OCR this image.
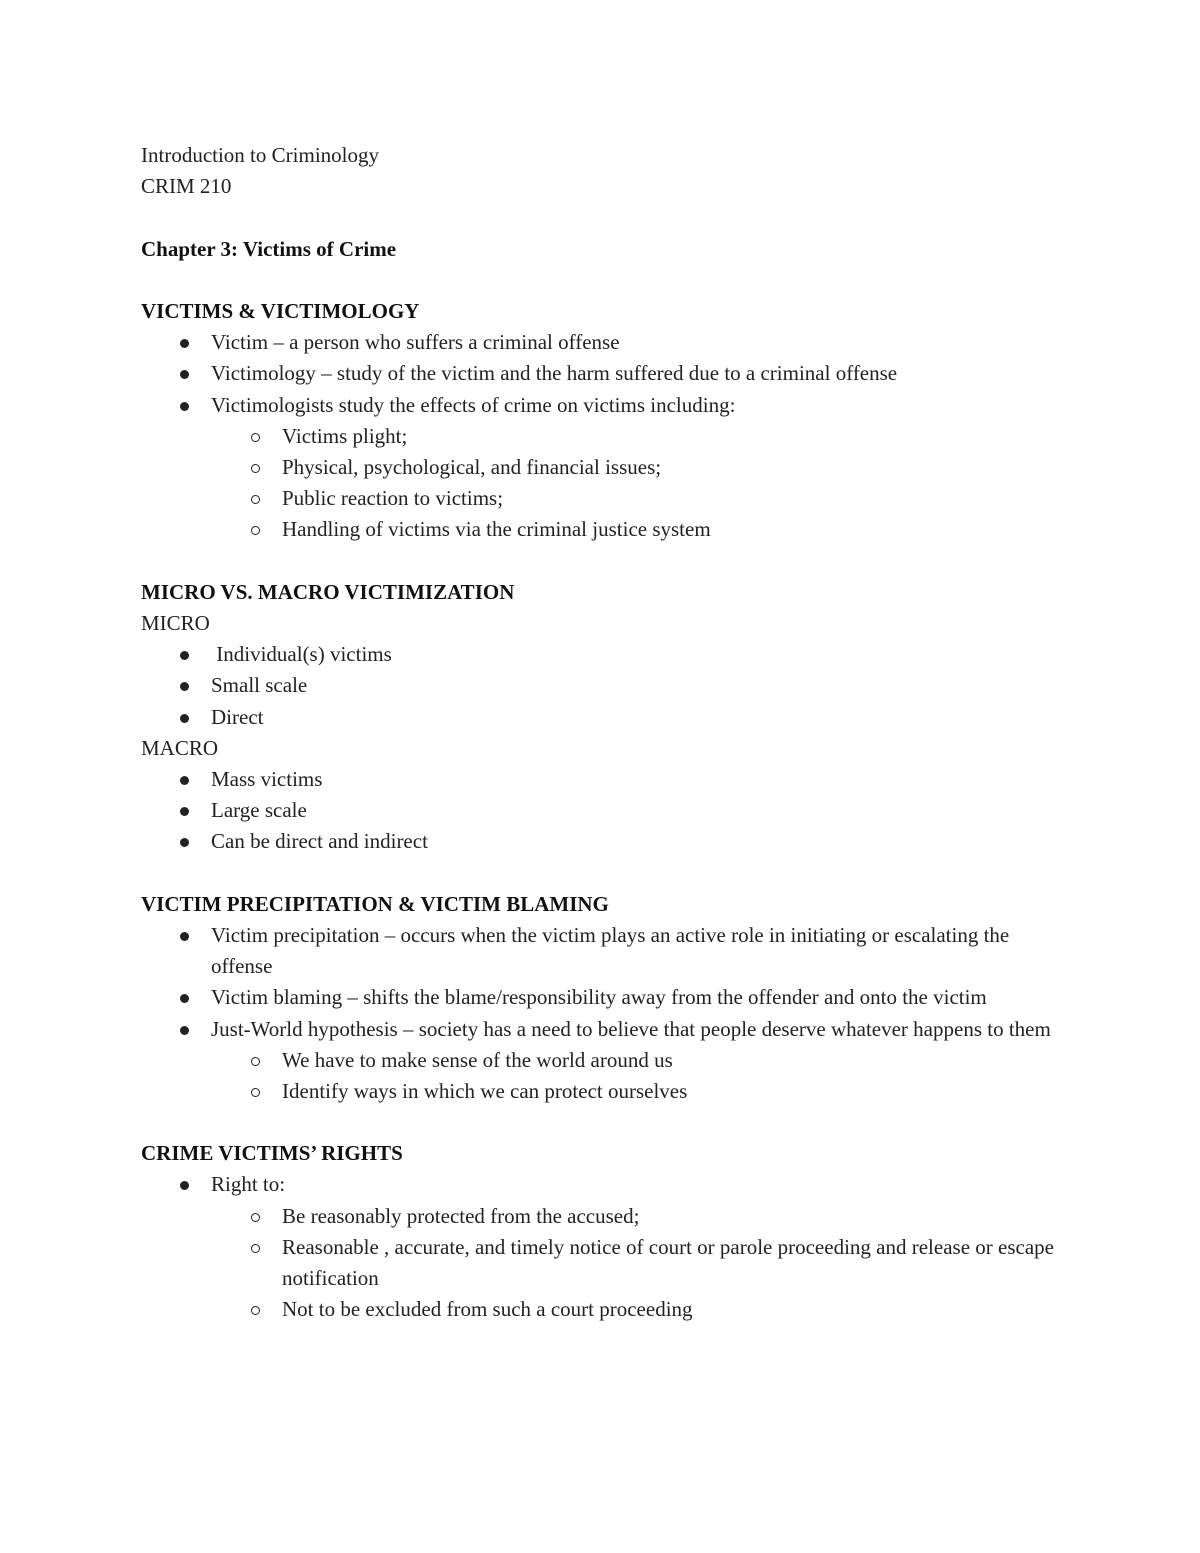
Introduction to Criminology
CRIM 210
Chapter 3: Victims of Crime
VICTIMS & VICTIMOLOGY
Victim – a person who suffers a criminal offense
Victimology – study of the victim and the harm suffered due to a criminal offense
Victimologists study the effects of crime on victims including:
Victims plight;
Physical, psychological, and financial issues;
Public reaction to victims;
Handling of victims via the criminal justice system
MICRO VS. MACRO VICTIMIZATION
MICRO
Individual(s) victims
Small scale
Direct
MACRO
Mass victims
Large scale
Can be direct and indirect
VICTIM PRECIPITATION & VICTIM BLAMING
Victim precipitation – occurs when the victim plays an active role in initiating or escalating the offense
Victim blaming – shifts the blame/responsibility away from the offender and onto the victim
Just-World hypothesis – society has a need to believe that people deserve whatever happens to them
We have to make sense of the world around us
Identify ways in which we can protect ourselves
CRIME VICTIMS’ RIGHTS
Right to:
Be reasonably protected from the accused;
Reasonable , accurate, and timely notice of court or parole proceeding and release or escape notification
Not to be excluded from such a court proceeding
